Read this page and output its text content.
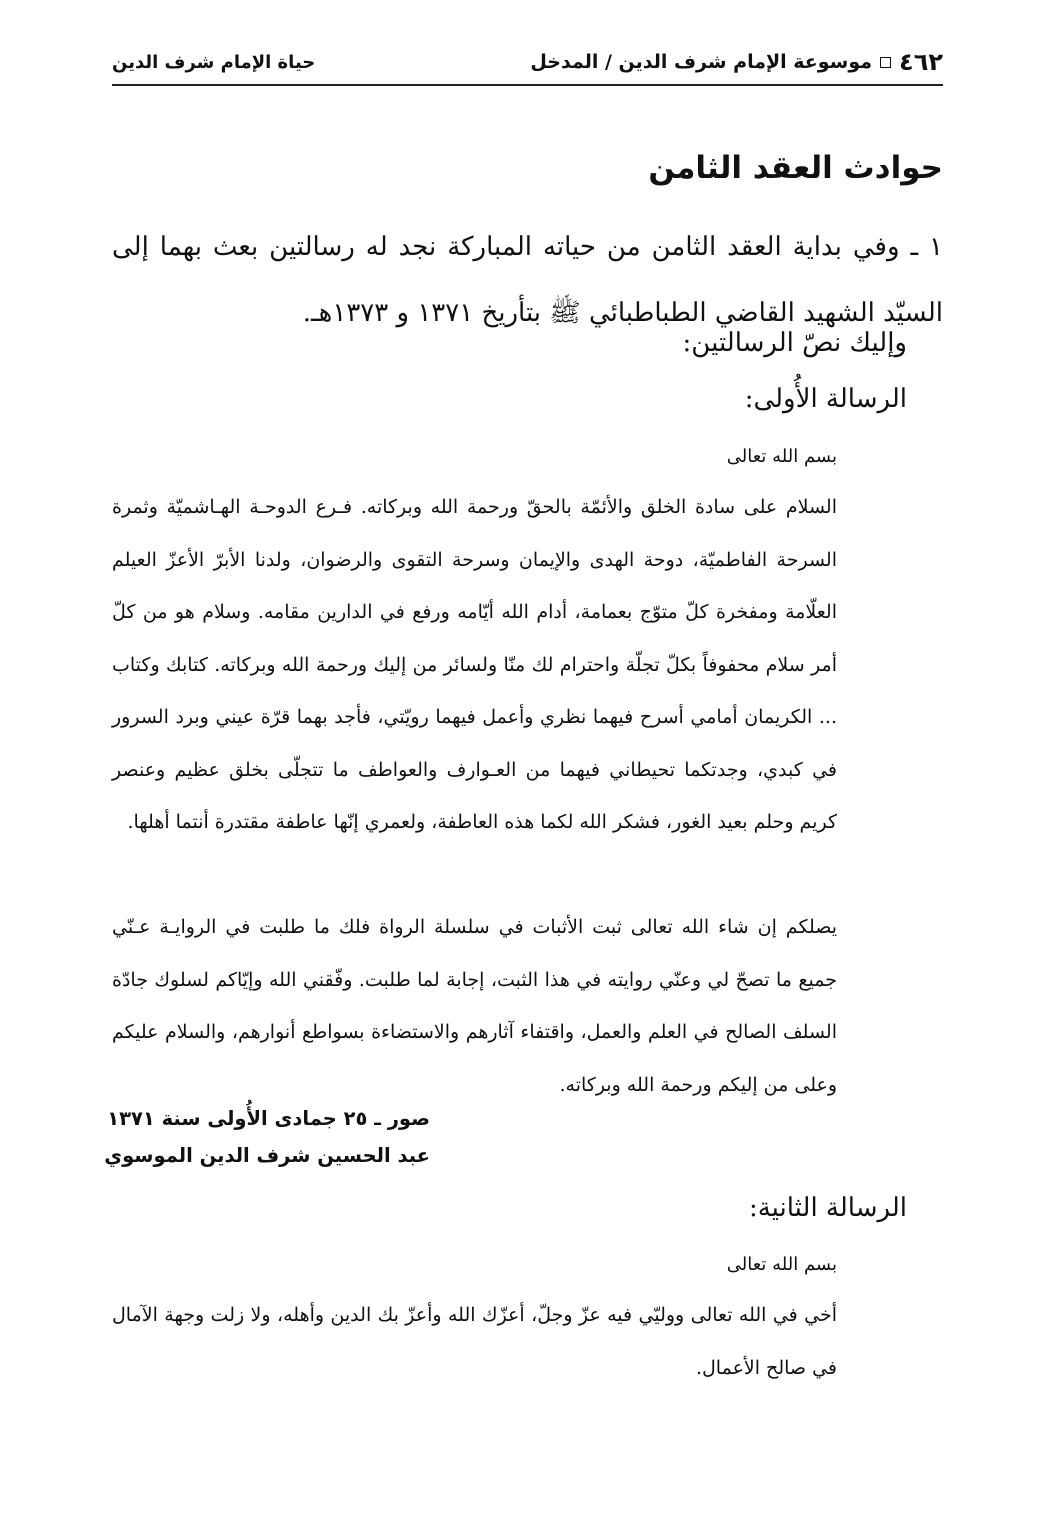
٤٦٢
موسوعة الإمام شرف الدين / المدخل
حياة الإمام شرف الدين
حوادث العقد الثامن

١ ـ وفي بداية العقد الثامن من حياته المباركة نجد له رسالتين بعث بهما إلى السيّد الشهيد القاضي الطباطبائي ﷺ بتأريخ ١٣٧١ و ١٣٧٣هـ.

وإليك نصّ الرسالتين:

الرسالة الأُولى:

بسم الله تعالى

السلام على سادة الخلق والأئمّة بالحقّ ورحمة الله وبركاته. فـرع الدوحـة الهـاشميّة وثمرة السرحة الفاطميّة، دوحة الهدى والإيمان وسرحة التقوى والرضوان، ولدنا الأبرّ الأعزّ العيلم العلّامة ومفخرة كلّ متوّج بعمامة، أدام الله أيّامه ورفع في الدارين مقامه. وسلام هو من كلّ أمر سلام محفوفاً بكلّ تجلّة واحترام لك منّا ولسائر من إليك ورحمة الله وبركاته. كتابك وكتاب ... الكريمان أمامي أسرح فيهما نظري وأعمل فيهما رويّتي، فأجد بهما قرّة عيني وبرد السرور في كبدي، وجدتكما تحيطاني فيهما من العـوارف والعواطف ما تتجلّى بخلق عظيم وعنصر كريم وحلم بعيد الغور، فشكر الله لكما هذه العاطفة، ولعمري إنّها عاطفة مقتدرة أنتما أهلها.

يصلكم إن شاء الله تعالى ثبت الأثبات في سلسلة الرواة فلك ما طلبت في الروايـة عـنّي جميع ما تصحّ لي وعنّي روايته في هذا الثبت، إجابة لما طلبت. وفّقني الله وإيّاكم لسلوك جادّة السلف الصالح في العلم والعمل، واقتفاء آثارهم والاستضاءة بسواطع أنوارهم، والسلام عليكم وعلى من إليكم ورحمة الله وبركاته.

صور ـ ٢٥ جمادى الأُولى سنة ١٣٧١

عبد الحسين شرف الدين الموسوي

الرسالة الثانية:

بسم الله تعالى

أخي في الله تعالى ووليّي فيه عزّ وجلّ، أعزّك الله وأعزّ بك الدين وأهله، ولا زلت وجهة الآمال في صالح الأعمال.
